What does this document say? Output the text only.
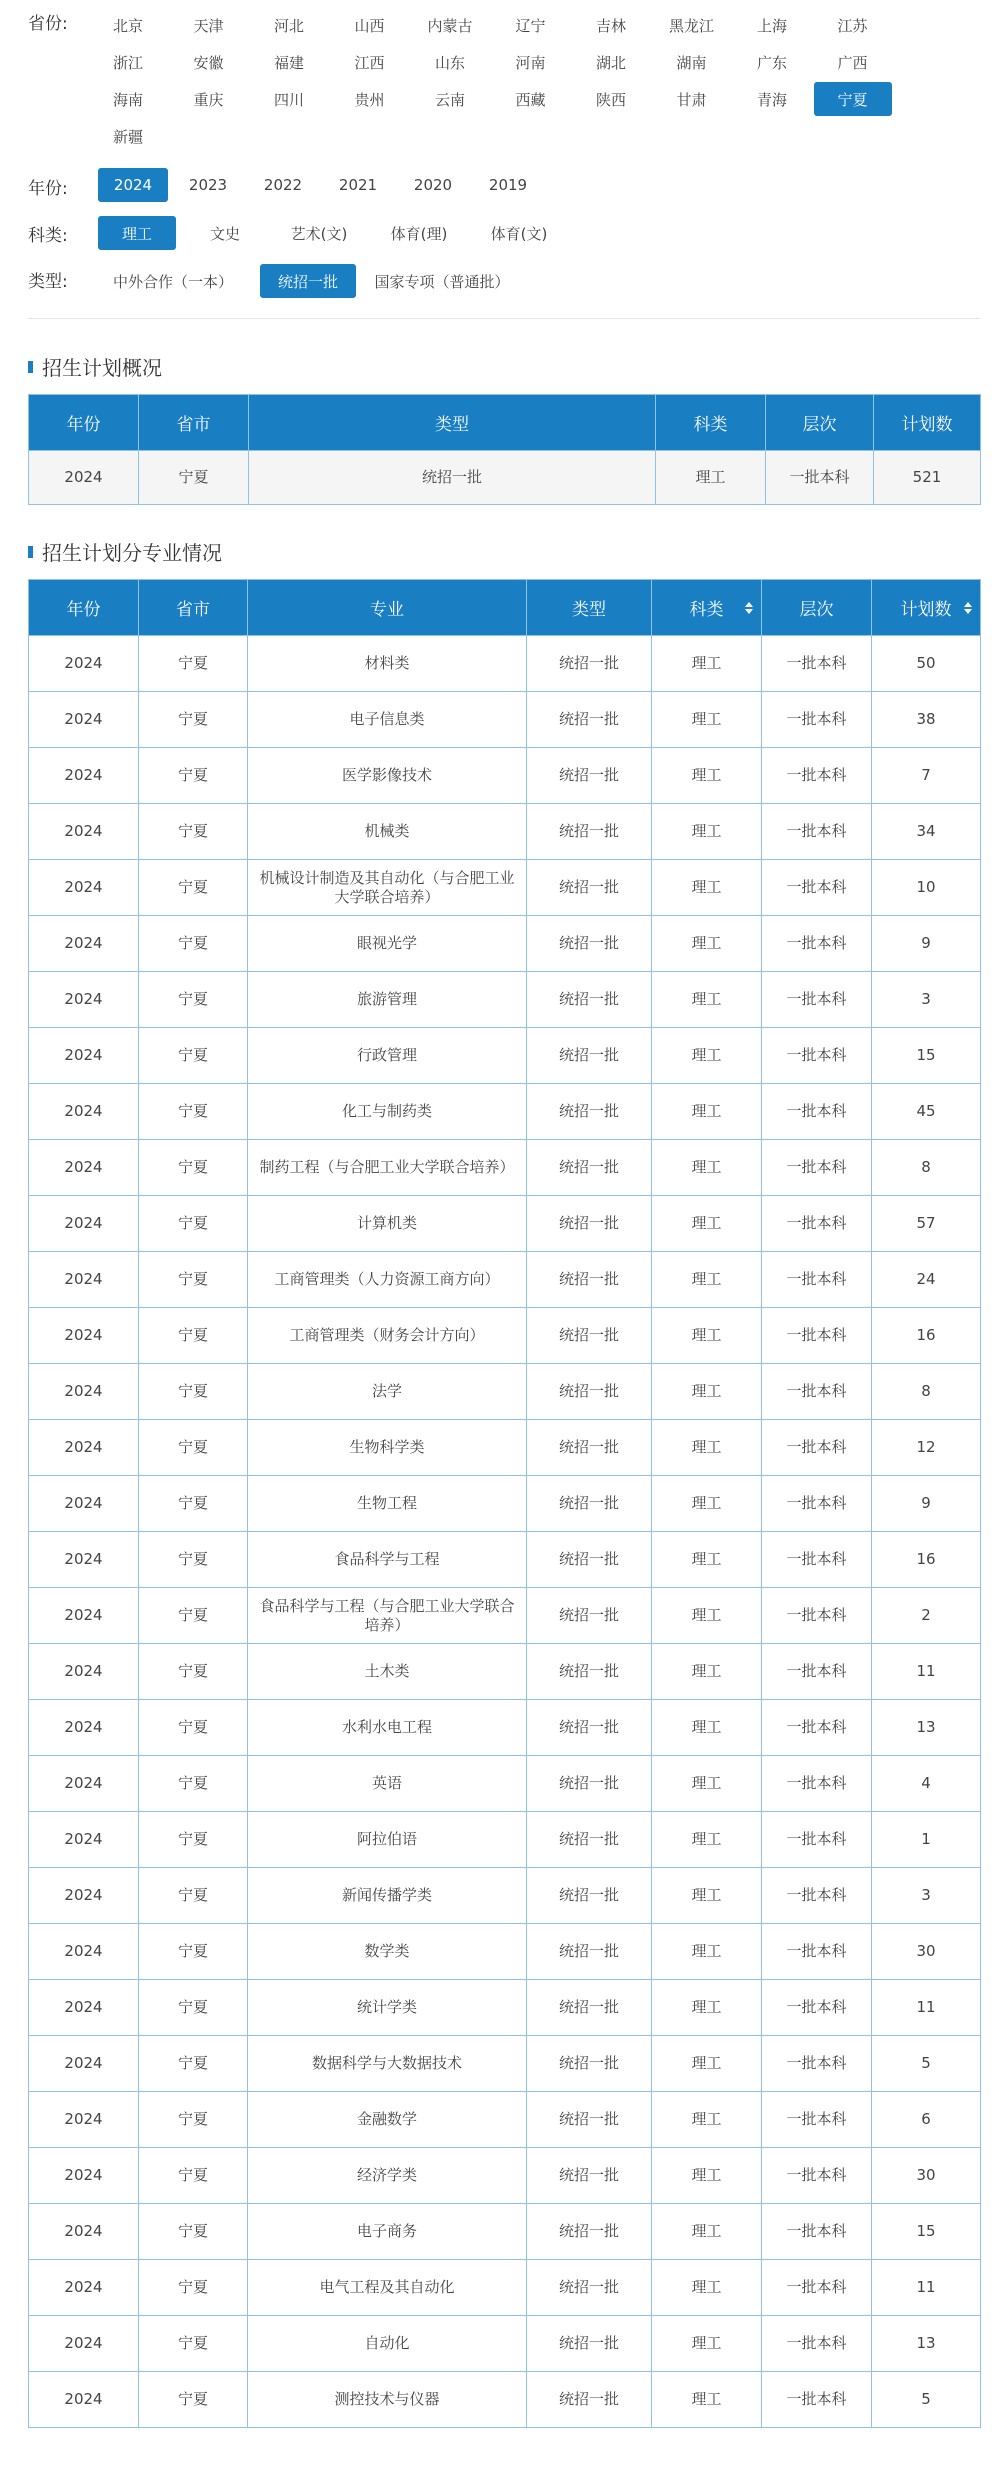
省份:	北京	天津	河北	山西	内蒙古	辽宁	吉林	黑龙江	上海	江苏
浙江	安徽	福建	江西	山东	河南	湖北	湖南	广东	广西
海南	重庆	四川	贵州	云南	西藏	陕西	甘肃	青海	宁夏
新疆
年份:	2024	2023	2022	2021	2020	2019
科类:	理工	文史	艺术(文)	体育(理)	体育(文)
类型:	中外合作（一本）	统招一批	国家专项（普通批）
招生计划概况
年份	省市	类型	科类	层次	计划数
2024	宁夏	统招一批	理工	一批本科	521
招生计划分专业情况
年份	省市	专业	类型	科类	层次	计划数

2024	宁夏	材料类	统招一批	理工	一批本科	50
2024	宁夏	电子信息类	统招一批	理工	一批本科	38
2024	宁夏	医学影像技术	统招一批	理工	一批本科	7
2024	宁夏	机械类	统招一批	理工	一批本科	34
2024	宁夏	机械设计制造及其自动化（与合肥工业大学联合培养）	统招一批	理工	一批本科	10
2024	宁夏	眼视光学	统招一批	理工	一批本科	9
2024	宁夏	旅游管理	统招一批	理工	一批本科	3
2024	宁夏	行政管理	统招一批	理工	一批本科	15
2024	宁夏	化工与制药类	统招一批	理工	一批本科	45
2024	宁夏	制药工程（与合肥工业大学联合培养）	统招一批	理工	一批本科	8
2024	宁夏	计算机类	统招一批	理工	一批本科	57
2024	宁夏	工商管理类（人力资源工商方向）	统招一批	理工	一批本科	24
2024	宁夏	工商管理类（财务会计方向）	统招一批	理工	一批本科	16
2024	宁夏	法学	统招一批	理工	一批本科	8
2024	宁夏	生物科学类	统招一批	理工	一批本科	12
2024	宁夏	生物工程	统招一批	理工	一批本科	9
2024	宁夏	食品科学与工程	统招一批	理工	一批本科	16
2024	宁夏	食品科学与工程（与合肥工业大学联合培养）	统招一批	理工	一批本科	2
2024	宁夏	土木类	统招一批	理工	一批本科	11
2024	宁夏	水利水电工程	统招一批	理工	一批本科	13
2024	宁夏	英语	统招一批	理工	一批本科	4
2024	宁夏	阿拉伯语	统招一批	理工	一批本科	1
2024	宁夏	新闻传播学类	统招一批	理工	一批本科	3
2024	宁夏	数学类	统招一批	理工	一批本科	30
2024	宁夏	统计学类	统招一批	理工	一批本科	11
2024	宁夏	数据科学与大数据技术	统招一批	理工	一批本科	5
2024	宁夏	金融数学	统招一批	理工	一批本科	6
2024	宁夏	经济学类	统招一批	理工	一批本科	30
2024	宁夏	电子商务	统招一批	理工	一批本科	15
2024	宁夏	电气工程及其自动化	统招一批	理工	一批本科	11
2024	宁夏	自动化	统招一批	理工	一批本科	13
2024	宁夏	测控技术与仪器	统招一批	理工	一批本科	5
